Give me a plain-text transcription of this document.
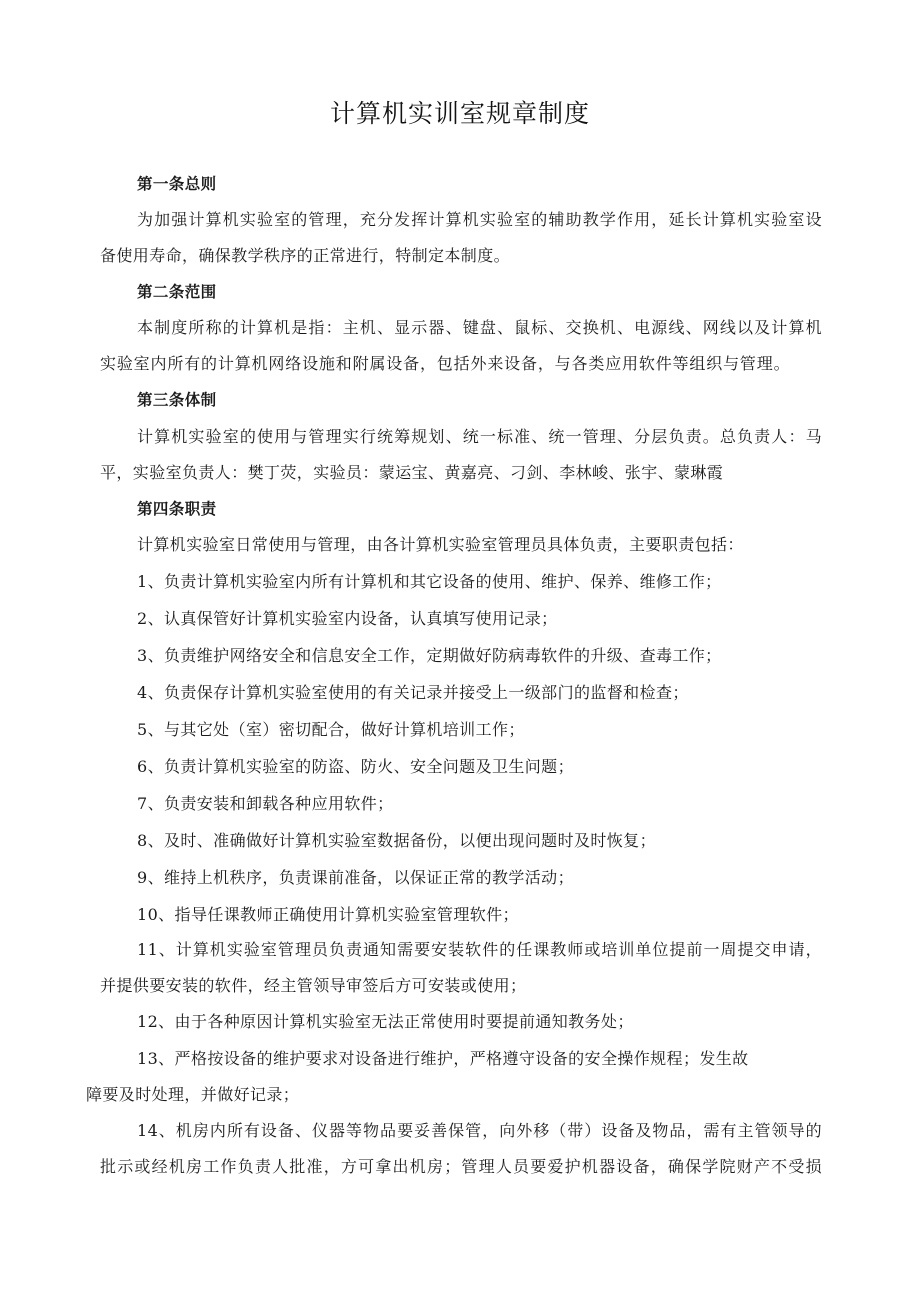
计算机实训室规章制度
第一条总则
为加强计算机实验室的管理，充分发挥计算机实验室的辅助教学作用，延长计算机实验室设
备使用寿命，确保教学秩序的正常进行，特制定本制度。
第二条范围
本制度所称的计算机是指：主机、显示器、键盘、鼠标、交换机、电源线、网线以及计算机
实验室内所有的计算机网络设施和附属设备，包括外来设备，与各类应用软件等组织与管理。
第三条体制
计算机实验室的使用与管理实行统筹规划、统一标准、统一管理、分层负责。总负责人：马
平，实验室负责人：樊丁荧，实验员：蒙运宝、黄嘉亮、刁剑、李林峻、张宇、蒙琳霞
第四条职责
计算机实验室日常使用与管理，由各计算机实验室管理员具体负责，主要职责包括：
1、负责计算机实验室内所有计算机和其它设备的使用、维护、保养、维修工作；
2、认真保管好计算机实验室内设备，认真填写使用记录；
3、负责维护网络安全和信息安全工作，定期做好防病毒软件的升级、查毒工作；
4、负责保存计算机实验室使用的有关记录并接受上一级部门的监督和检查；
5、与其它处（室）密切配合，做好计算机培训工作；
6、负责计算机实验室的防盗、防火、安全问题及卫生问题；
7、负责安装和卸载各种应用软件；
8、及时、准确做好计算机实验室数据备份，以便出现问题时及时恢复；
9、维持上机秩序，负责课前准备，以保证正常的教学活动；
10、指导任课教师正确使用计算机实验室管理软件；
11、计算机实验室管理员负责通知需要安装软件的任课教师或培训单位提前一周提交申请，
并提供要安装的软件，经主管领导审签后方可安装或使用；
12、由于各种原因计算机实验室无法正常使用时要提前通知教务处；
13、严格按设备的维护要求对设备进行维护，严格遵守设备的安全操作规程；发生故
障要及时处理，并做好记录；
14、机房内所有设备、仪器等物品要妥善保管，向外移（带）设备及物品，需有主管领导的
批示或经机房工作负责人批准，方可拿出机房；管理人员要爱护机器设备，确保学院财产不受损
